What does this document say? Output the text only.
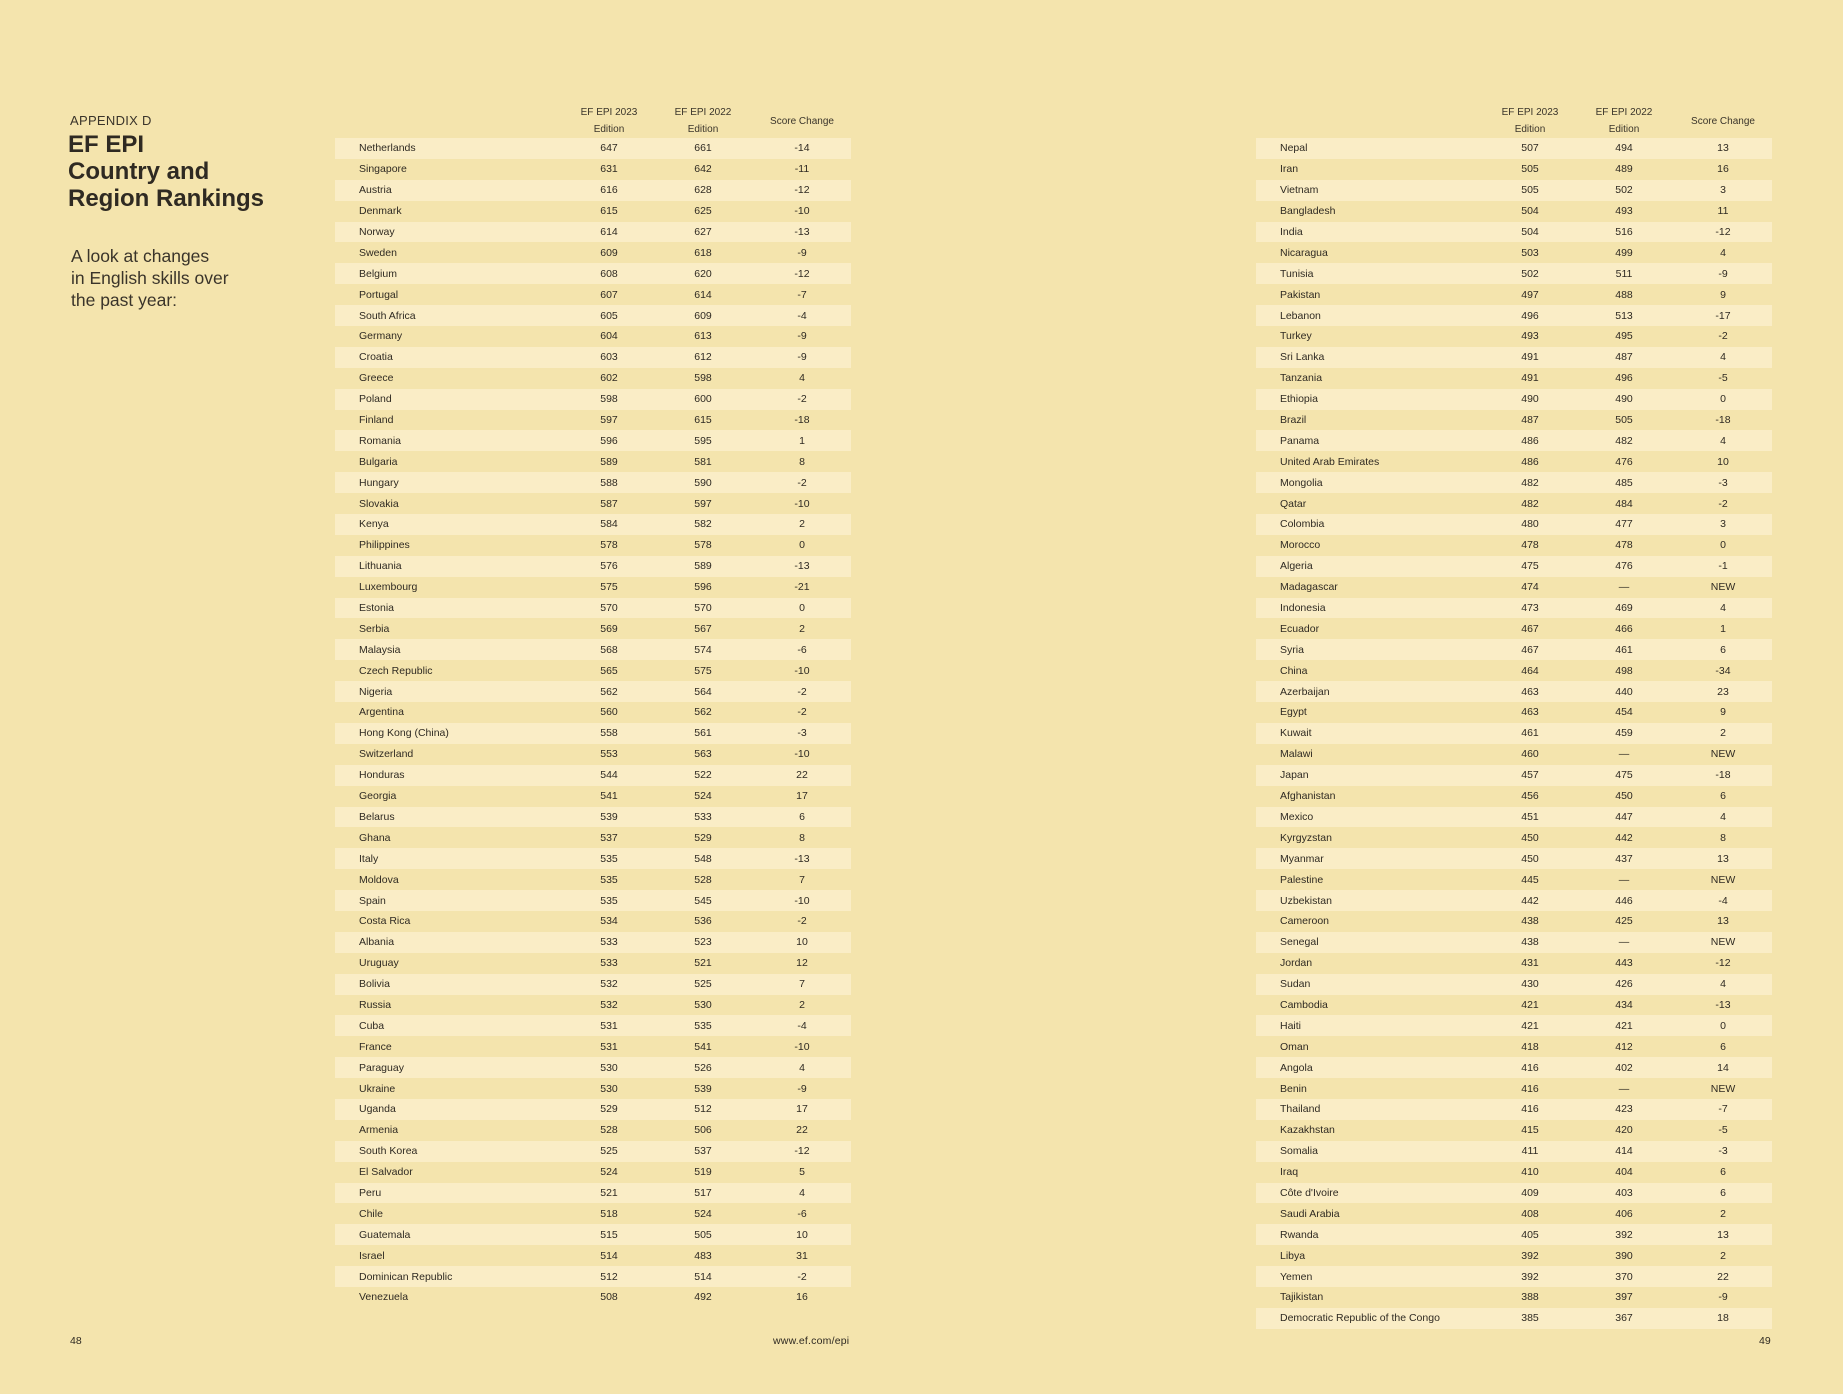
APPENDIX D
EF EPI
Country and
Region Rankings

A look at changes
in English skills over
the past year:

EF EPI 2023
Edition
EF EPI 2022
Edition
Score Change
Netherlands	647	661	-14
Singapore	631	642	-11
Austria	616	628	-12
Denmark	615	625	-10
Norway	614	627	-13
Sweden	609	618	-9
Belgium	608	620	-12
Portugal	607	614	-7
South Africa	605	609	-4
Germany	604	613	-9
Croatia	603	612	-9
Greece	602	598	4
Poland	598	600	-2
Finland	597	615	-18
Romania	596	595	1
Bulgaria	589	581	8
Hungary	588	590	-2
Slovakia	587	597	-10
Kenya	584	582	2
Philippines	578	578	0
Lithuania	576	589	-13
Luxembourg	575	596	-21
Estonia	570	570	0
Serbia	569	567	2
Malaysia	568	574	-6
Czech Republic	565	575	-10
Nigeria	562	564	-2
Argentina	560	562	-2
Hong Kong (China)	558	561	-3
Switzerland	553	563	-10
Honduras	544	522	22
Georgia	541	524	17
Belarus	539	533	6
Ghana	537	529	8
Italy	535	548	-13
Moldova	535	528	7
Spain	535	545	-10
Costa Rica	534	536	-2
Albania	533	523	10
Uruguay	533	521	12
Bolivia	532	525	7
Russia	532	530	2
Cuba	531	535	-4
France	531	541	-10
Paraguay	530	526	4
Ukraine	530	539	-9
Uganda	529	512	17
Armenia	528	506	22
South Korea	525	537	-12
El Salvador	524	519	5
Peru	521	517	4
Chile	518	524	-6
Guatemala	515	505	10
Israel	514	483	31
Dominican Republic	512	514	-2
Venezuela	508	492	16
EF EPI 2023
Edition
EF EPI 2022
Edition
Score Change
Nepal	507	494	13
Iran	505	489	16
Vietnam	505	502	3
Bangladesh	504	493	11
India	504	516	-12
Nicaragua	503	499	4
Tunisia	502	511	-9
Pakistan	497	488	9
Lebanon	496	513	-17
Turkey	493	495	-2
Sri Lanka	491	487	4
Tanzania	491	496	-5
Ethiopia	490	490	0
Brazil	487	505	-18
Panama	486	482	4
United Arab Emirates	486	476	10
Mongolia	482	485	-3
Qatar	482	484	-2
Colombia	480	477	3
Morocco	478	478	0
Algeria	475	476	-1
Madagascar	474	—	NEW
Indonesia	473	469	4
Ecuador	467	466	1
Syria	467	461	6
China	464	498	-34
Azerbaijan	463	440	23
Egypt	463	454	9
Kuwait	461	459	2
Malawi	460	—	NEW
Japan	457	475	-18
Afghanistan	456	450	6
Mexico	451	447	4
Kyrgyzstan	450	442	8
Myanmar	450	437	13
Palestine	445	—	NEW
Uzbekistan	442	446	-4
Cameroon	438	425	13
Senegal	438	—	NEW
Jordan	431	443	-12
Sudan	430	426	4
Cambodia	421	434	-13
Haiti	421	421	0
Oman	418	412	6
Angola	416	402	14
Benin	416	—	NEW
Thailand	416	423	-7
Kazakhstan	415	420	-5
Somalia	411	414	-3
Iraq	410	404	6
Côte d'Ivoire	409	403	6
Saudi Arabia	408	406	2
Rwanda	405	392	13
Libya	392	390	2
Yemen	392	370	22
Tajikistan	388	397	-9
Democratic Republic of the Congo	385	367	18
48	www.ef.com/epi	49
